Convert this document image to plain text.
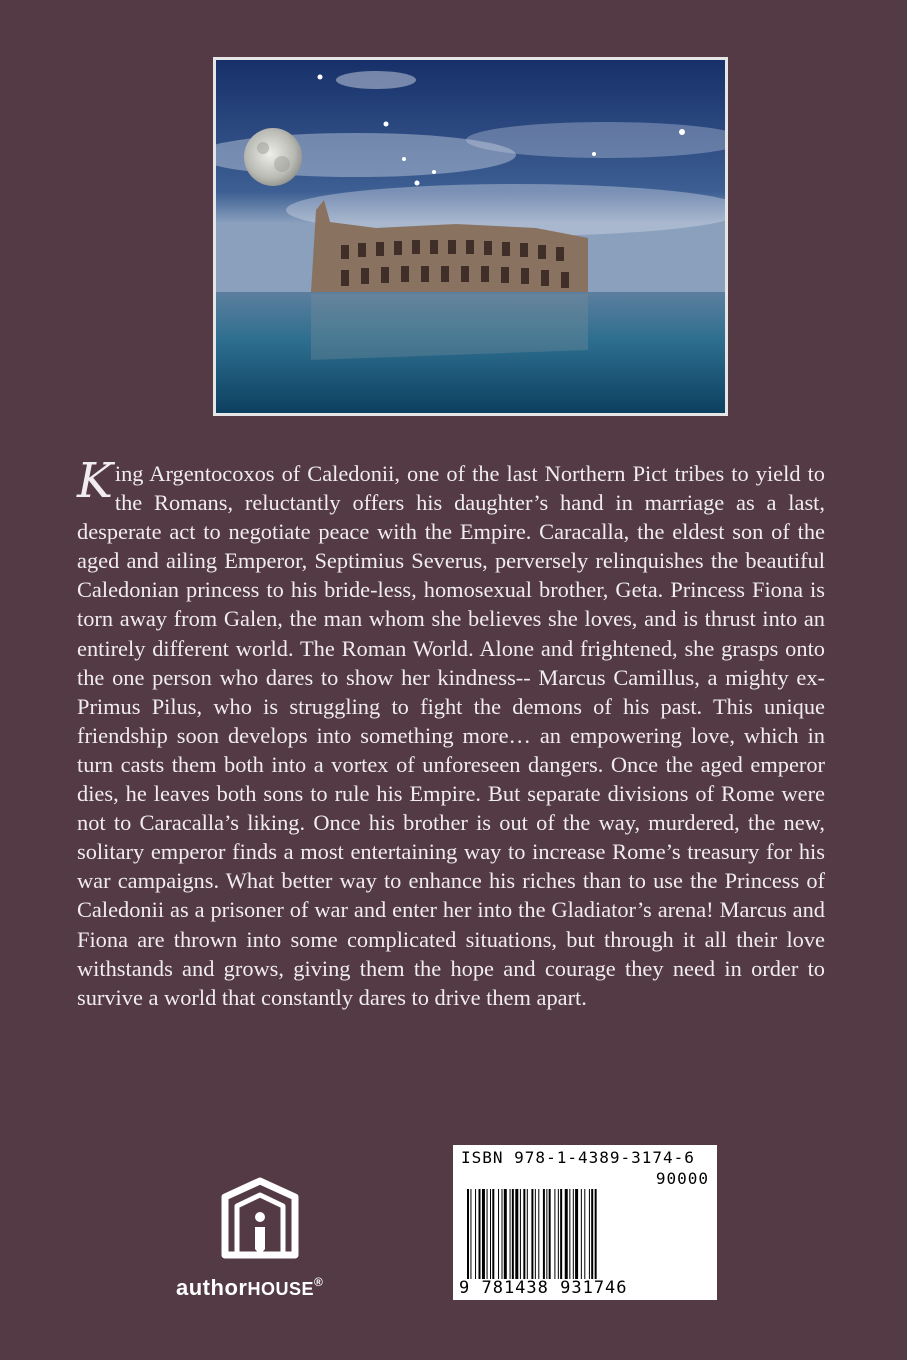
King Argentocoxos of Caledonii, one of the last Northern Pict tribes to yield to the Romans, reluctantly offers his daughter’s hand in marriage as a last, desperate act to negotiate peace with the Empire. Caracalla, the eldest son of the aged and ailing Emperor, Septimius Severus, perversely relinquishes the beautiful Caledonian princess to his bride-less, homosexual brother, Geta. Princess Fiona is torn away from Galen, the man whom she believes she loves, and is thrust into an entirely different world. The Roman World. Alone and frightened, she grasps onto the one person who dares to show her kindness-- Marcus Camillus, a mighty ex-Primus Pilus, who is struggling to fight the demons of his past. This unique friendship soon develops into something more… an empowering love, which in turn casts them both into a vortex of unforeseen dangers. Once the aged emperor dies, he leaves both sons to rule his Empire. But separate divisions of Rome were not to Caracalla’s liking. Once his brother is out of the way, murdered, the new, solitary emperor finds a most entertaining way to increase Rome’s treasury for his war campaigns. What better way to enhance his riches than to use the Princess of Caledonii as a prisoner of war and enter her into the Gladiator’s arena! Marcus and Fiona are thrown into some complicated situations, but through it all their love withstands and grows, giving them the hope and courage they need in order to survive a world that constantly dares to drive them apart.

authorHOUSE®
ISBN 978-1-4389-3174-6
90000
9 781438 931746
